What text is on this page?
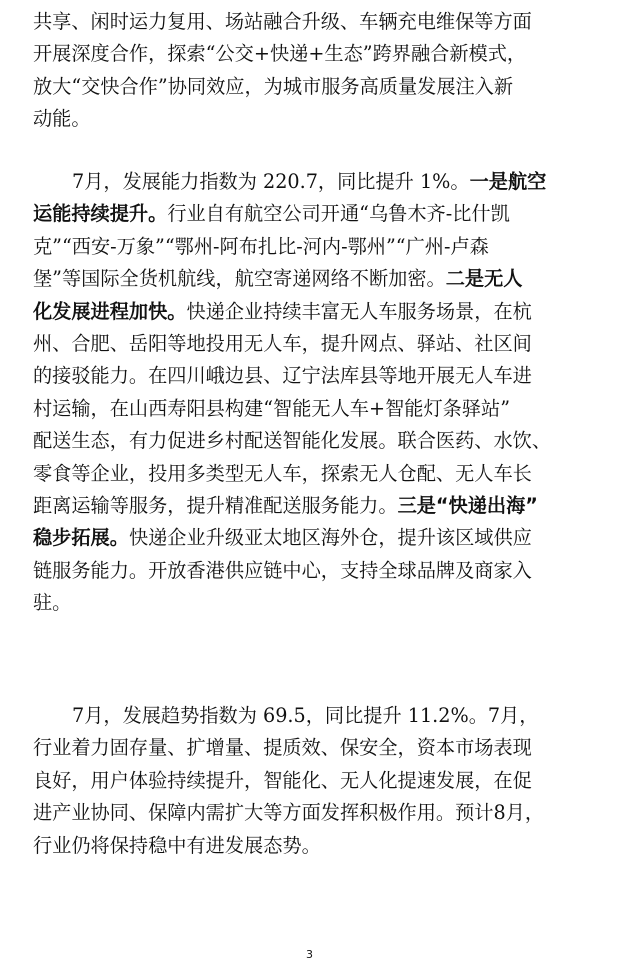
共享、闲时运力复用、场站融合升级、车辆充电维保等方面
开展深度合作，探索“公交+快递+生态”跨界融合新模式，
放大“交快合作”协同效应，为城市服务高质量发展注入新
动能。
7月，发展能力指数为 220.7，同比提升 1%。一是航空
运能持续提升。行业自有航空公司开通“乌鲁木齐-比什凯
克”“西安-万象”“鄂州-阿布扎比-河内-鄂州”“广州-卢森
堡”等国际全货机航线，航空寄递网络不断加密。二是无人
化发展进程加快。快递企业持续丰富无人车服务场景，在杭
州、合肥、岳阳等地投用无人车，提升网点、驿站、社区间
的接驳能力。在四川峨边县、辽宁法库县等地开展无人车进
村运输，在山西寿阳县构建“智能无人车+智能灯条驿站”
配送生态，有力促进乡村配送智能化发展。联合医药、水饮、
零食等企业，投用多类型无人车，探索无人仓配、无人车长
距离运输等服务，提升精准配送服务能力。三是“快递出海”
稳步拓展。快递企业升级亚太地区海外仓，提升该区域供应
链服务能力。开放香港供应链中心，支持全球品牌及商家入
驻。
7月，发展趋势指数为 69.5，同比提升 11.2%。7月，
行业着力固存量、扩增量、提质效、保安全，资本市场表现
良好，用户体验持续提升，智能化、无人化提速发展，在促
进产业协同、保障内需扩大等方面发挥积极作用。预计8月，
行业仍将保持稳中有进发展态势。
3
